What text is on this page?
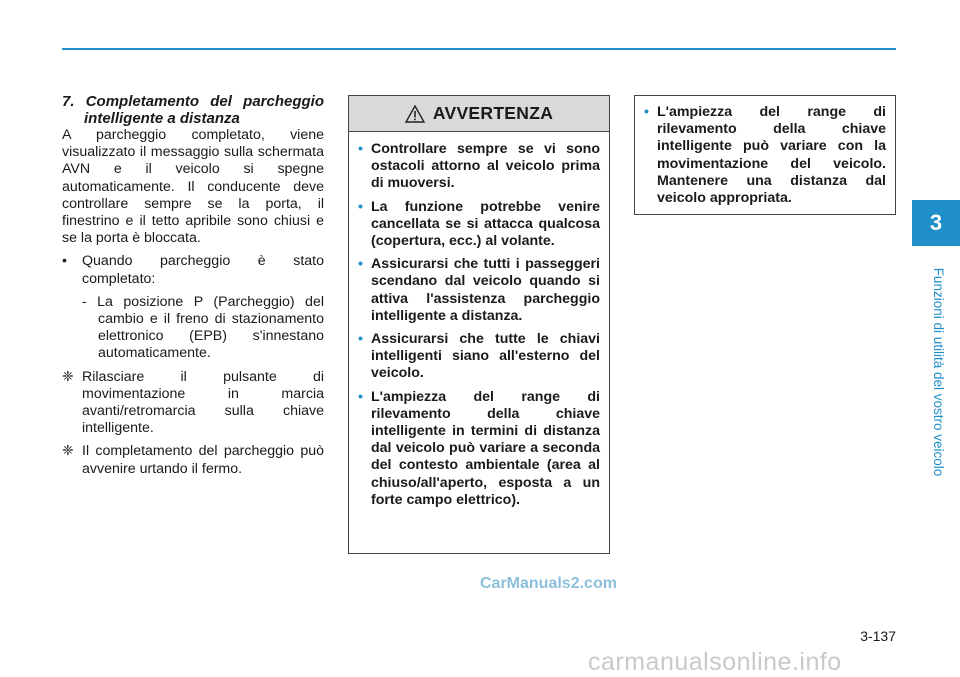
3
Funzioni di utilità del vostro veicolo

7. Completamento del parcheggio intelligente a distanza

A parcheggio completato, viene visualizzato il messaggio sulla schermata AVN e il veicolo si spegne automaticamente. Il conducente deve controllare sempre se la porta, il finestrino e il tetto apribile sono chiusi e se la porta è bloccata.

• Quando parcheggio è stato completato:

- La posizione P (Parcheggio) del cambio e il freno di stazionamento elettronico (EPB) s'innestano automaticamente.

❈ Rilasciare il pulsante di movimentazione in marcia avanti/retromarcia sulla chiave intelligente.

❈ Il completamento del parcheggio può avvenire urtando il fermo.

AVVERTENZA

• Controllare sempre se vi sono ostacoli attorno al veicolo prima di muoversi.

• La funzione potrebbe venire cancellata se si attacca qualcosa (copertura, ecc.) al volante.

• Assicurarsi che tutti i passeggeri scendano dal veicolo quando si attiva l'assistenza parcheggio intelligente a distanza.

• Assicurarsi che tutte le chiavi intelligenti siano all'esterno del veicolo.

• L'ampiezza del range di rilevamento della chiave intelligente in termini di distanza dal veicolo può variare a seconda del contesto ambientale (area al chiuso/all'aperto, esposta a un forte campo elettrico).

• L'ampiezza del range di rilevamento della chiave intelligente può variare con la movimentazione del veicolo. Mantenere una distanza dal veicolo appropriata.

CarManuals2.com
3-137
carmanualsonline.info
